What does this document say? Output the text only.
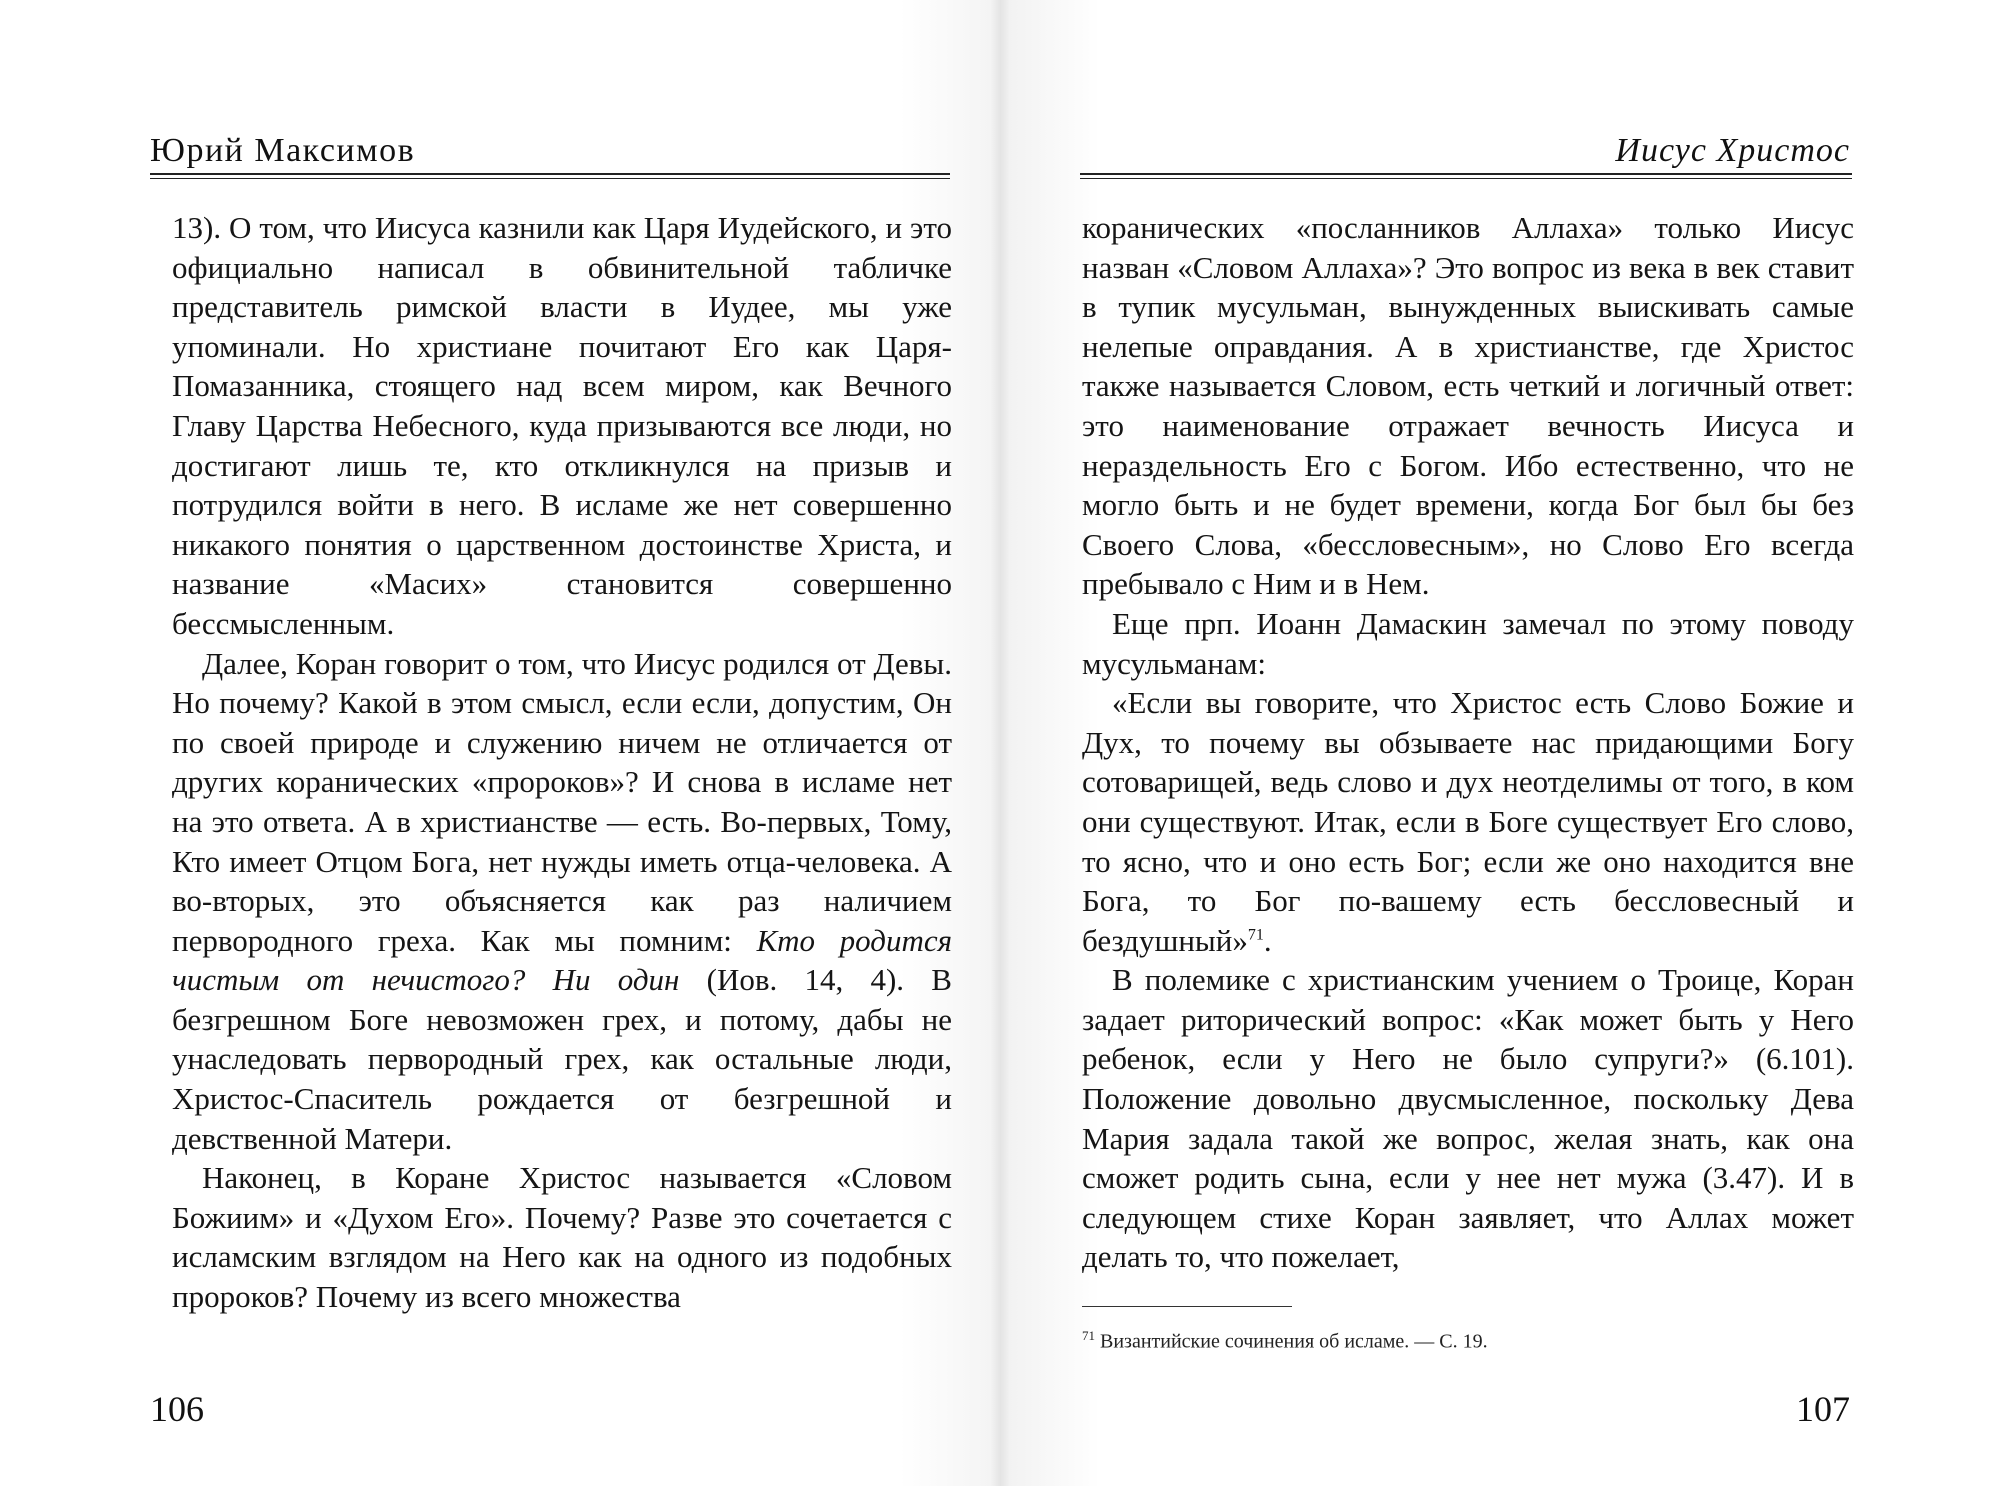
Юрий Максимов

13). О том, что Иисуса казнили как Царя Иудейского, и это официально написал в обвинительной табличке представитель римской власти в Иудее, мы уже упоминали. Но христиане почитают Его как Царя-Помазанника, стоящего над всем миром, как Вечного Главу Царства Небесного, куда призываются все люди, но достигают лишь те, кто откликнулся на призыв и потрудился войти в него. В исламе же нет совершенно никакого понятия о царственном достоинстве Христа, и название «Масих» становится совершенно бессмысленным.

Далее, Коран говорит о том, что Иисус родился от Девы. Но почему? Какой в этом смысл, если если, допустим, Он по своей природе и служению ничем не отличается от других коранических «пророков»? И снова в исламе нет на это ответа. А в христианстве — есть. Во-первых, Тому, Кто имеет Отцом Бога, нет нужды иметь отца-человека. А во-вторых, это объясняется как раз наличием первородного греха. Как мы помним: Кто родится чистым от нечистого? Ни один (Иов. 14, 4). В безгрешном Боге невозможен грех, и потому, дабы не унаследовать первородный грех, как остальные люди, Христос-Спаситель рождается от безгрешной и девственной Матери.

Наконец, в Коране Христос называется «Словом Божиим» и «Духом Его». Почему? Разве это сочетается с исламским взглядом на Него как на одного из подобных пророков? Почему из всего множества

106
Иисус Христос

коранических «посланников Аллаха» только Иисус назван «Словом Аллаха»? Это вопрос из века в век ставит в тупик мусульман, вынужденных выискивать самые нелепые оправдания. А в христианстве, где Христос также называется Словом, есть четкий и логичный ответ: это наименование отражает вечность Иисуса и нераздельность Его с Богом. Ибо естественно, что не могло быть и не будет времени, когда Бог был бы без Своего Слова, «бессловесным», но Слово Его всегда пребывало с Ним и в Нем.

Еще прп. Иоанн Дамаскин замечал по этому поводу мусульманам:

«Если вы говорите, что Христос есть Слово Божие и Дух, то почему вы обзываете нас придающими Богу сотоварищей, ведь слово и дух неотделимы от того, в ком они существуют. Итак, если в Боге существует Его слово, то ясно, что и оно есть Бог; если же оно находится вне Бога, то Бог по-вашему есть бессловесный и бездушный»$^{71}$.

В полемике с христианским учением о Троице, Коран задает риторический вопрос: «Как может быть у Него ребенок, если у Него не было супруги?» (6.101). Положение довольно двусмысленное, поскольку Дева Мария задала такой же вопрос, желая знать, как она сможет родить сына, если у нее нет мужа (3.47). И в следующем стихе Коран заявляет, что Аллах может делать то, что пожелает,

$^{71}$ Византийские сочинения об исламе. — С. 19.
107
